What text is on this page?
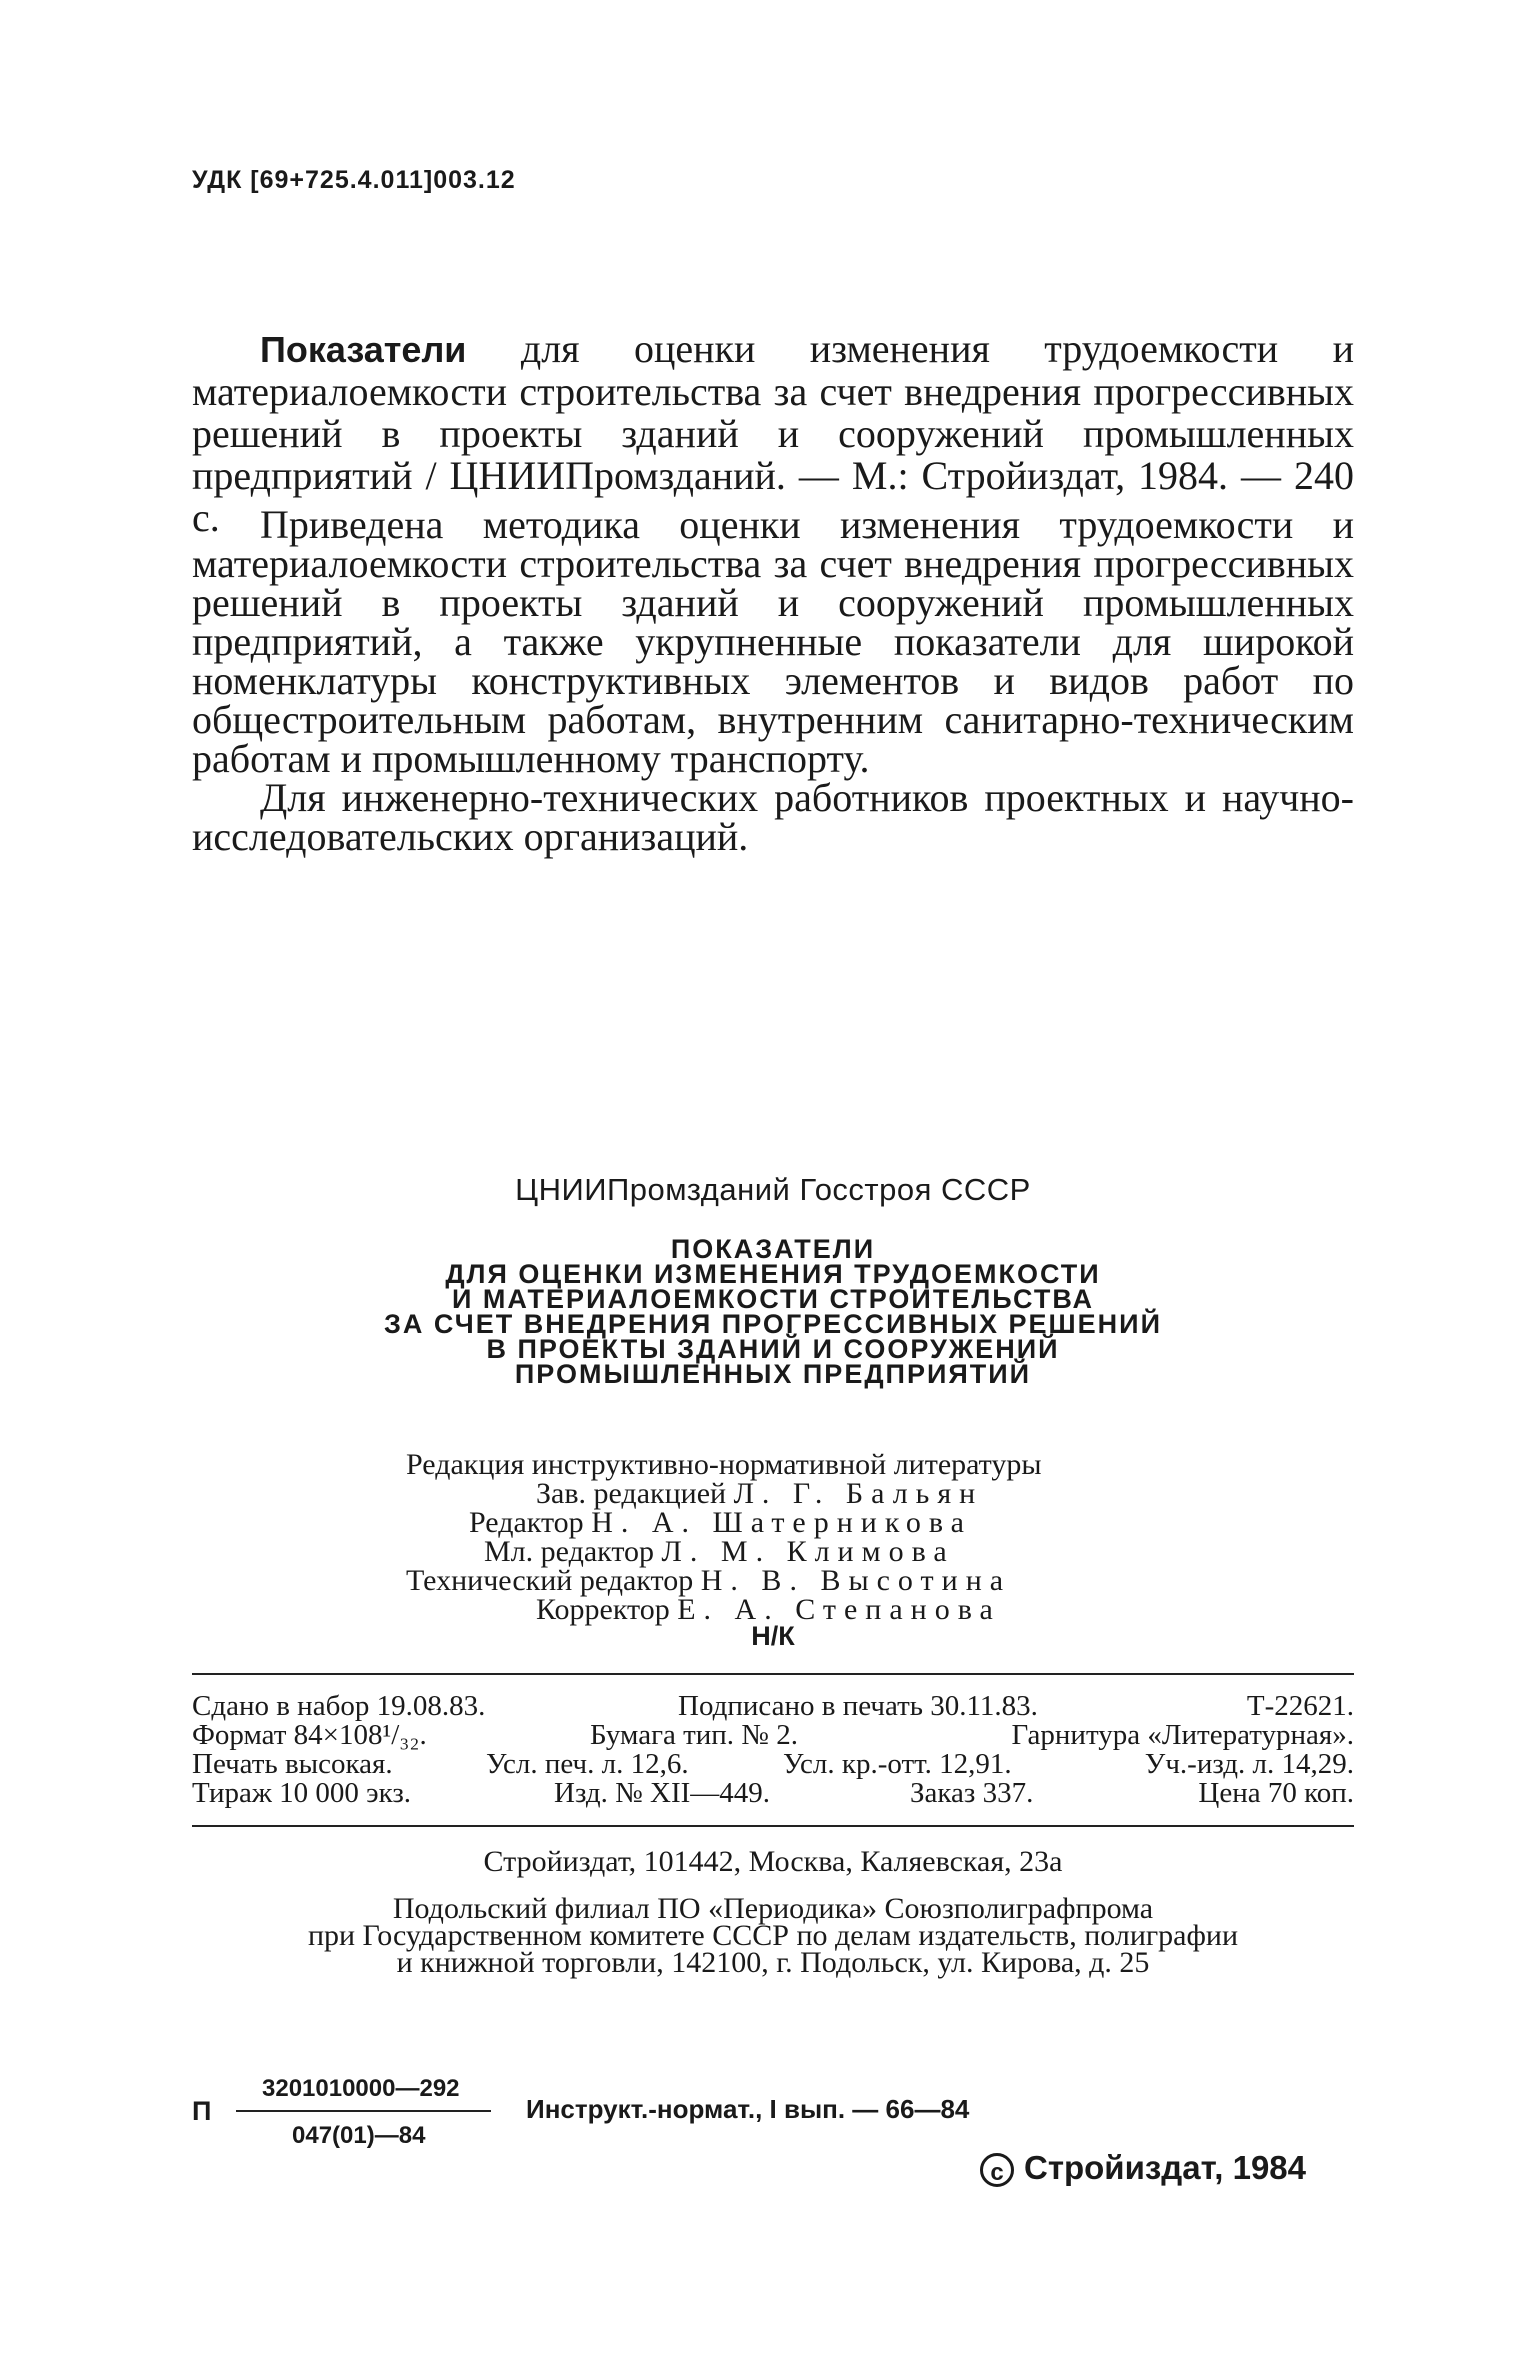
УДК [69+725.4.011]003.12
Показатели для оценки изменения трудоемкости и материалоемкости строительства за счет внедрения прогрессивных решений в проекты зданий и сооружений промышленных предприятий / ЦНИИПромзданий. — М.: Стройиздат, 1984. — 240 с.	Приведена методика оценки изменения трудоемкости и материалоемкости строительства за счет внедрения прогрессивных решений в проекты зданий и сооружений промышленных предприятий, а также укрупненные показатели для широкой номенклатуры конструктивных элементов и видов работ по общестроительным работам, внутренним санитарно-техническим работам и промышленному транспорту.

Для инженерно-технических работников проектных и научно-исследовательских организаций.

ЦНИИПромзданий Госстроя СССР
ПОКАЗАТЕЛИ
ДЛЯ ОЦЕНКИ ИЗМЕНЕНИЯ ТРУДОЕМКОСТИ
И МАТЕРИАЛОЕМКОСТИ СТРОИТЕЛЬСТВА
ЗА СЧЕТ ВНЕДРЕНИЯ ПРОГРЕССИВНЫХ РЕШЕНИЙ
В ПРОЕКТЫ ЗДАНИЙ И СООРУЖЕНИЙ
ПРОМЫШЛЕННЫХ ПРЕДПРИЯТИЙ
Редакция инструктивно-нормативной литературы
Зав. редакцией Л. Г. Бальян
Редактор Н. А. Шатерникова
Мл. редактор Л. М. Климова
Технический редактор Н. В. Высотина
Корректор Е. А. Степанова
Н/К
Сдано в набор 19.08.83.	Подписано в печать 30.11.83.	Т-22621.
Формат 84×108¹/₃₂.	Бумага тип. № 2.	Гарнитура «Литературная».
Печать высокая.	Усл. печ. л. 12,6.	Усл. кр.-отт. 12,91.	Уч.-изд. л. 14,29.
Тираж 10 000 экз.	Изд. № XII—449.	Заказ 337.	Цена 70 коп.
Стройиздат, 101442, Москва, Каляевская, 23а
Подольский филиал ПО «Периодика» Союзполиграфпрома
при Государственном комитете СССР по делам издательств, полиграфии
и книжной торговли, 142100, г. Подольск, ул. Кирова, д. 25
П
3201010000—292
047(01)—84
Инструкт.-нормат., I вып. — 66—84
c Стройиздат, 1984
